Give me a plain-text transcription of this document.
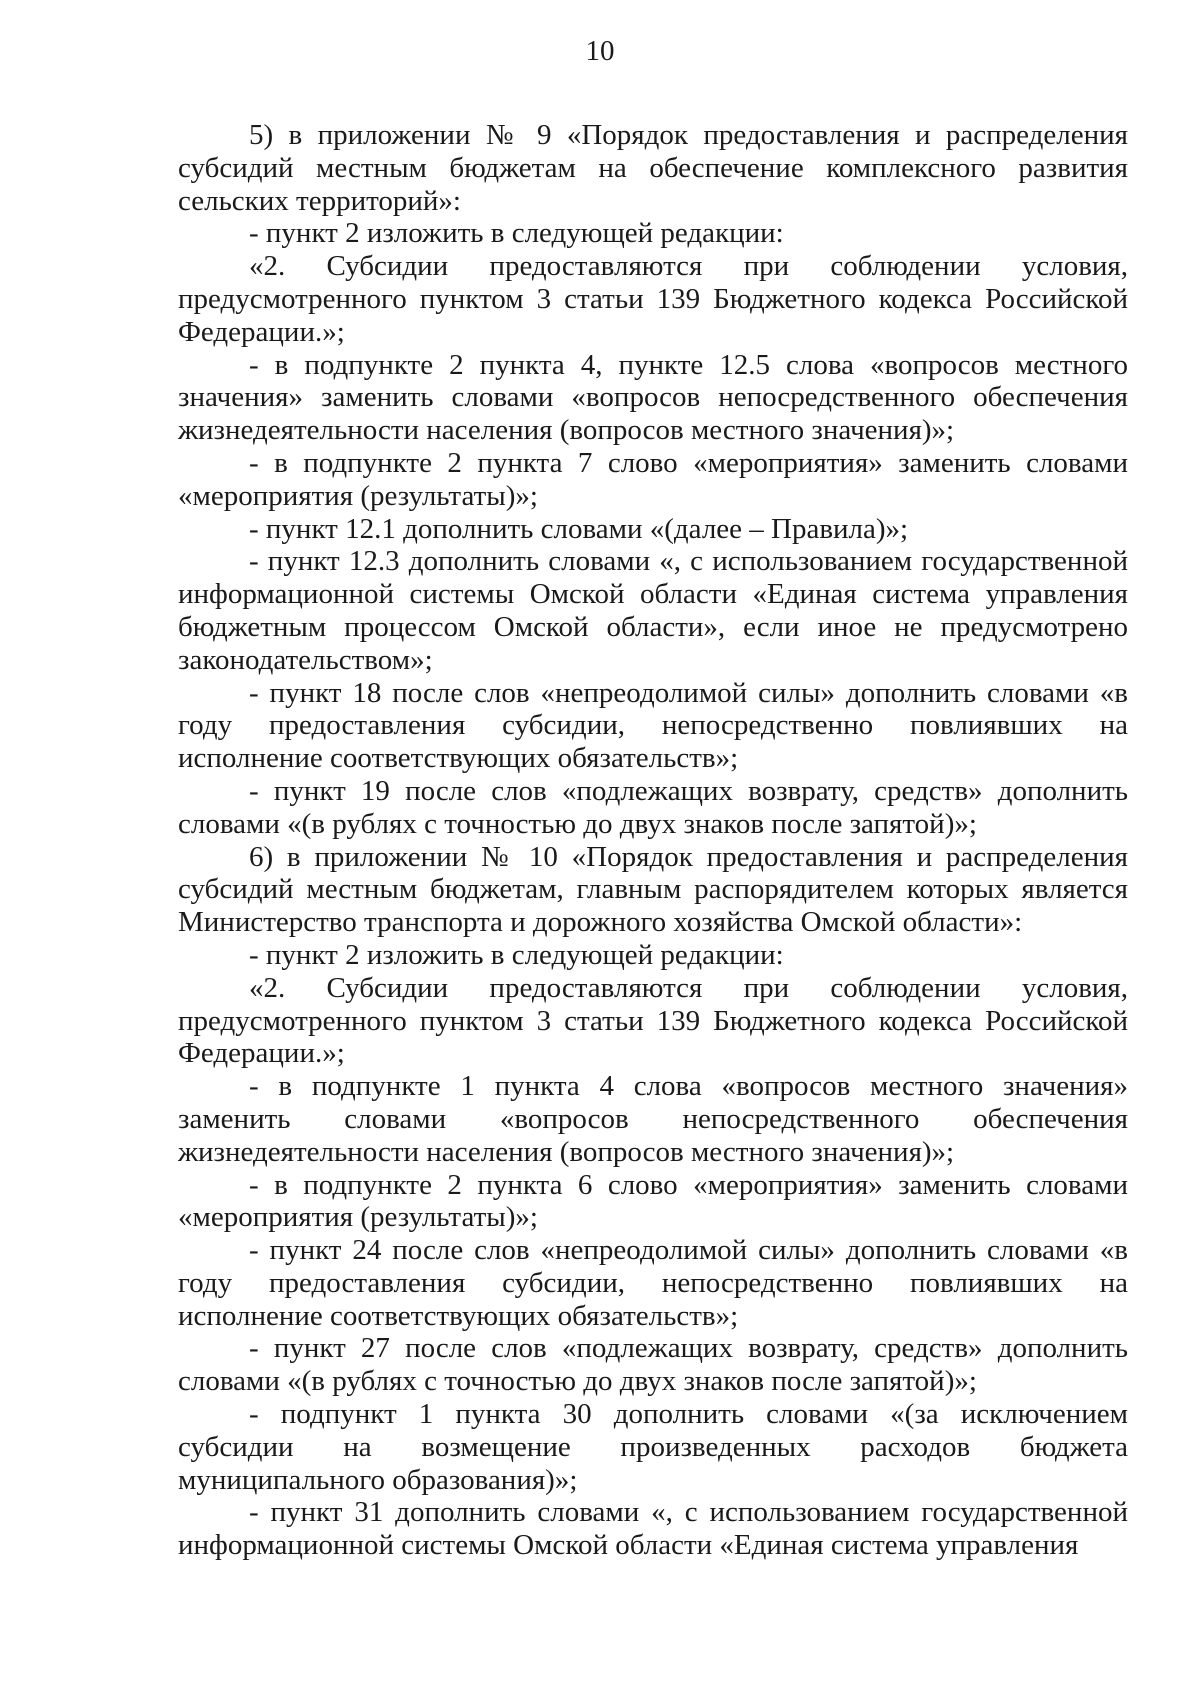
10

5) в приложении № 9 «Порядок предоставления и распределения субсидий местным бюджетам на обеспечение комплексного развития сельских территорий»:

- пункт 2 изложить в следующей редакции:

«2. Субсидии предоставляются при соблюдении условия, предусмотренного пунктом 3 статьи 139 Бюджетного кодекса Российской Федерации.»;

- в подпункте 2 пункта 4, пункте 12.5 слова «вопросов местного значения» заменить словами «вопросов непосредственного обеспечения жизнедеятельности населения (вопросов местного значения)»;

- в подпункте 2 пункта 7 слово «мероприятия» заменить словами «мероприятия (результаты)»;

- пункт 12.1 дополнить словами «(далее – Правила)»;

- пункт 12.3 дополнить словами «, с использованием государственной информационной системы Омской области «Единая система управления бюджетным процессом Омской области», если иное не предусмотрено законодательством»;

- пункт 18 после слов «непреодолимой силы» дополнить словами «в году предоставления субсидии, непосредственно повлиявших на исполнение соответствующих обязательств»;

- пункт 19 после слов «подлежащих возврату, средств» дополнить словами «(в рублях с точностью до двух знаков после запятой)»;

6) в приложении № 10 «Порядок предоставления и распределения субсидий местным бюджетам, главным распорядителем которых является Министерство транспорта и дорожного хозяйства Омской области»:

- пункт 2 изложить в следующей редакции:

«2. Субсидии предоставляются при соблюдении условия, предусмотренного пунктом 3 статьи 139 Бюджетного кодекса Российской Федерации.»;

- в подпункте 1 пункта 4 слова «вопросов местного значения» заменить словами «вопросов непосредственного обеспечения жизнедеятельности населения (вопросов местного значения)»;

- в подпункте 2 пункта 6 слово «мероприятия» заменить словами «мероприятия (результаты)»;

- пункт 24 после слов «непреодолимой силы» дополнить словами «в году предоставления субсидии, непосредственно повлиявших на исполнение соответствующих обязательств»;

- пункт 27 после слов «подлежащих возврату, средств» дополнить словами «(в рублях с точностью до двух знаков после запятой)»;

- подпункт 1 пункта 30 дополнить словами «(за исключением субсидии на возмещение произведенных расходов бюджета муниципального образования)»;

- пункт 31 дополнить словами «, с использованием государственной информационной системы Омской области «Единая система управления
